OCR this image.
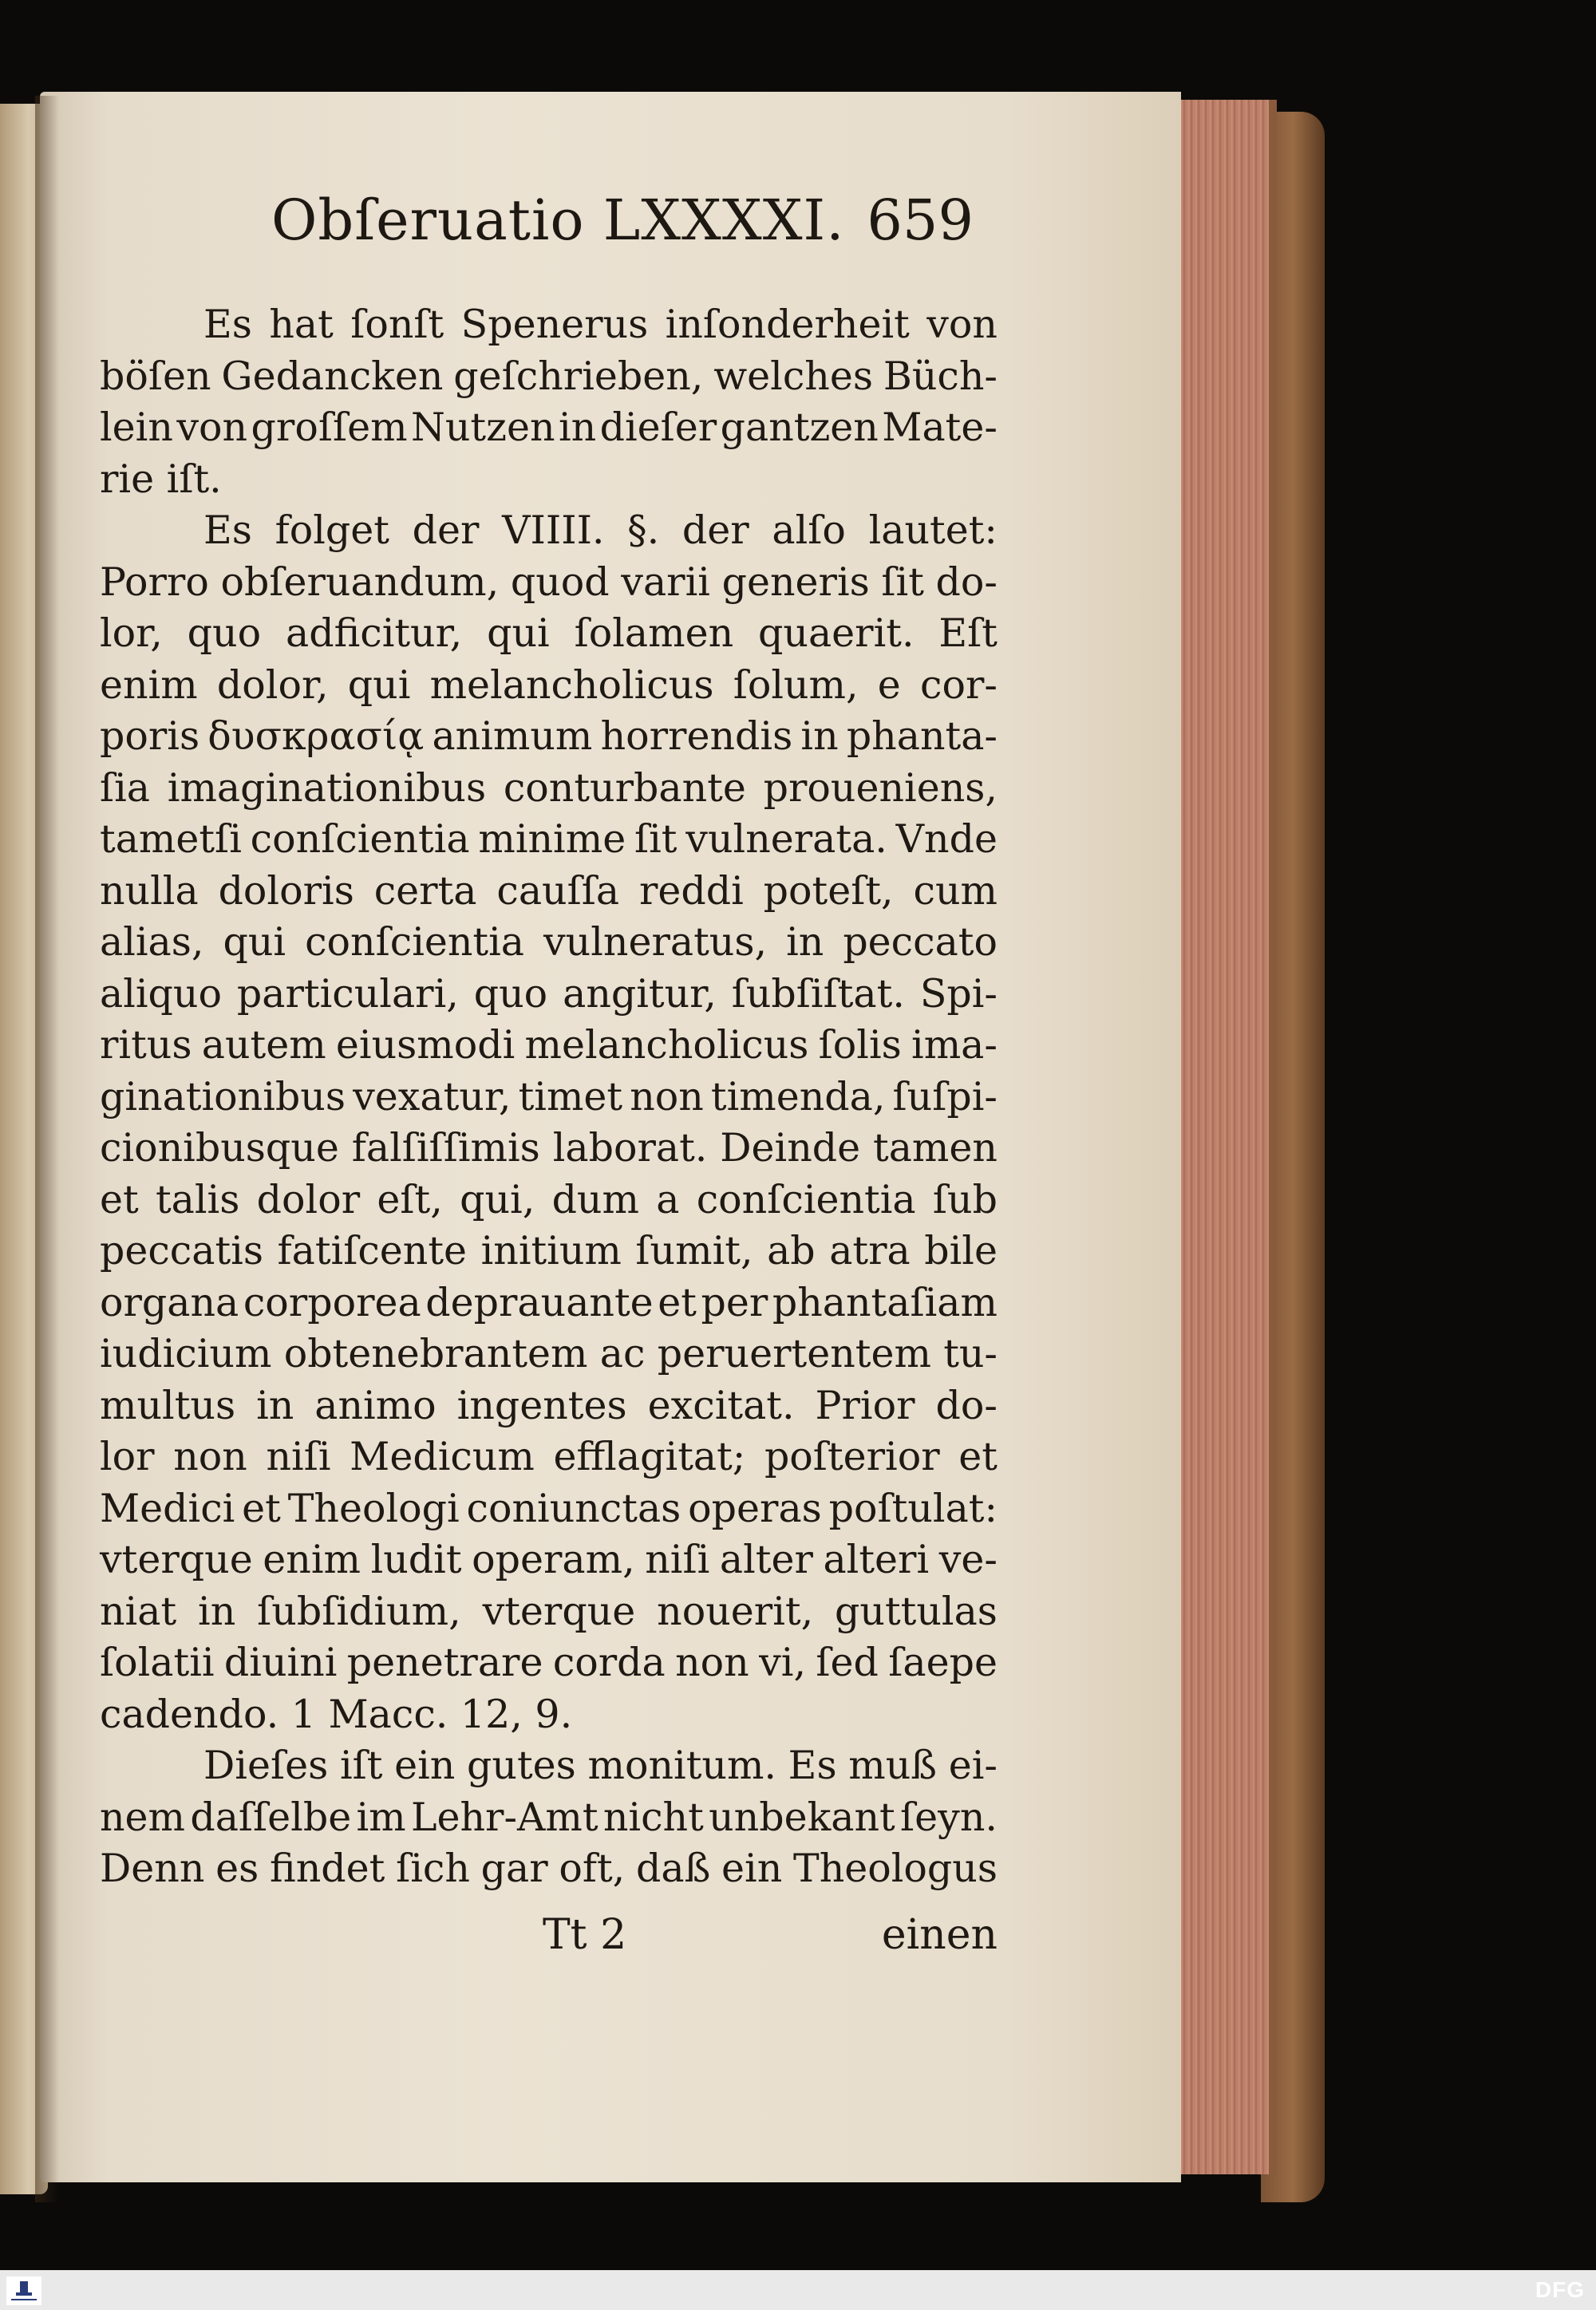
Obſeruatio LXXXXI. 659
Es hat ſonſt Spenerus inſonderheit von
böſen Gedancken geſchrieben, welches Büch-
lein von groſſem Nutzen in dieſer gantzen Mate-
rie iſt.
Es folget der VIIII. §. der alſo lautet:
Porro obſeruandum, quod varii generis ſit do-
lor, quo adficitur, qui ſolamen quaerit. Eſt
enim dolor, qui melancholicus ſolum, e cor-
poris δυσκρασίᾳ animum horrendis in phanta-
ſia imaginationibus conturbante proueniens,
tametſi conſcientia minime ſit vulnerata. Vnde
nulla doloris certa cauſſa reddi poteſt, cum
alias, qui conſcientia vulneratus, in peccato
aliquo particulari, quo angitur, ſubſiſtat. Spi-
ritus autem eiusmodi melancholicus ſolis ima-
ginationibus vexatur, timet non timenda, ſuſpi-
cionibusque falſiſſimis laborat. Deinde tamen
et talis dolor eſt, qui, dum a conſcientia ſub
peccatis fatiſcente initium ſumit, ab atra bile
organa corporea deprauante et per phantaſiam
iudicium obtenebrantem ac peruertentem tu-
multus in animo ingentes excitat. Prior do-
lor non niſi Medicum efflagitat; poſterior et
Medici et Theologi coniunctas operas poſtulat:
vterque enim ludit operam, niſi alter alteri ve-
niat in ſubſidium, vterque nouerit, guttulas
ſolatii diuini penetrare corda non vi, ſed ſaepe
cadendo. 1 Macc. 12, 9.
Dieſes iſt ein gutes monitum. Es muß ei-
nem daſſelbe im Lehr-Amt nicht unbekant ſeyn.
Denn es findet ſich gar oft, daß ein Theologus
Tt 2	einen
DFG
